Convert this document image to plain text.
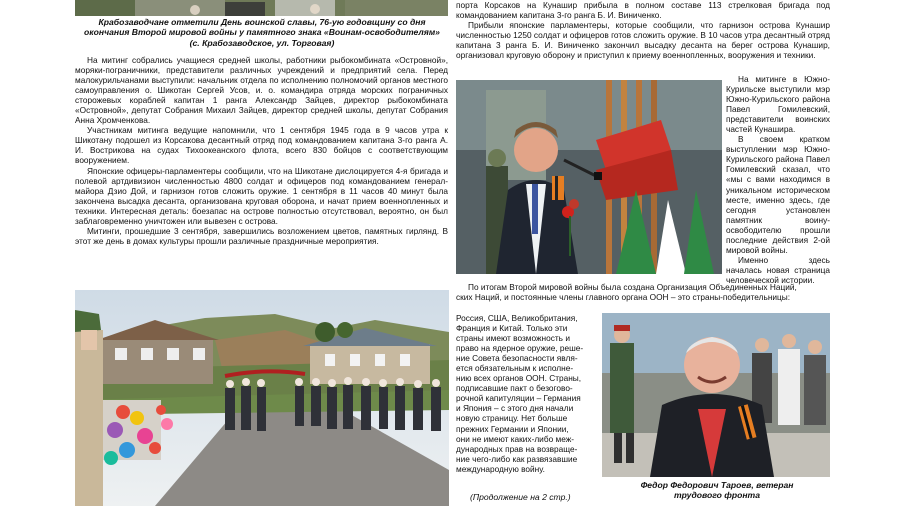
Крабозаводчане отметили День воинской славы, 76-ую годовщину со дня окончания Второй мировой войны у памятного знака «Воинам-освободителям» (с. Крабозаводское, ул. Торговая)

На митинг собрались учащиеся средней школы, работники рыбокомбината «Островной», моряки-пограничники, представители различных учреждений и предприятий села. Перед малокурильчанами выступили: начальник отдела по исполнению полномочий органов местного самоуправления о. Шикотан Сергей Усов, и. о. командира отряда морских пограничных сторожевых кораблей капитан 1 ранга Александр Зайцев, директор рыбокомбината «Островной», депутат Собрания Михаил Зайцев, директор средней школы, депутат Собрания Анна Хромченкова.

Участникам митинга ведущие напомнили, что 1 сентября 1945 года в 9 часов утра к Шикотану подошел из Корсакова десантный отряд под командованием капитана 3-го ранга А. И. Вострикова на судах Тихоокеанского флота, всего 830 бойцов с соответствующим вооружением.

Японские офицеры-парламентеры сообщили, что на Шикотане дислоцируется 4-я бригада и полевой артдивизион численностью 4800 солдат и офицеров под командованием генерал-майора Дзио Дой, и гарнизон готов сложить оружие. 1 сентября в 11 часов 40 минут была закончена высадка десанта, организована круговая оборона, и начат прием военнопленных и техники. Интересная деталь: боезапас на острове полностью отсутствовал, вероятно, он был заблаговременно уничтожен или вывезен с острова.

Митинги, прошедшие 3 сентября, завершились возложением цветов, памятных гирлянд. В этот же день в домах культуры прошли различные праздничные мероприятия.

порта Корсаков на Кунашир прибыла в полном составе 113 стрелковая бригада под командованием капитана 3-го ранга Б. И. Виниченко.

Прибыли японские парламентеры, которые сообщили, что гарнизон острова Кунашир численностью 1250 солдат и офицеров готов сложить оружие. В 10 часов утра десантный отряд капитана 3 ранга Б. И. Виниченко закончил высадку десанта на берег острова Кунашир, организовал круговую оборону и приступил к приему военнопленных, вооружения и техники.

На митинге в Южно-Курильске выступили мэр Южно-Курильского района Павел Гомилевский, представители воинских частей Кунашира.

В своем кратком выступлении мэр Южно-Курильского района Павел Гомилевский сказал, что «мы с вами находимся в уникальном историческом месте, именно здесь, где сегодня установлен памятник воину-освободителю прошли последние действия 2-ой мировой войны.

Именно здесь началась новая страница человеческой истории.

По итогам Второй мировой войны была создана Организация Объединенных Наций,

ских Наций, и постоянные члены главного органа ООН – это страны-победительницы:

Россия, США, Великобритания,

Франция и Китай. Только эти

страны имеют возможность и

право на ядерное оружие, реше-

ние Совета безопасности явля-

ется обязательным к исполне-

нию всех органов ООН. Страны,

подписавшие пакт о безогово-

рочной капитуляции – Германия

и Япония – с этого дня начали

новую страницу. Нет больше

прежних Германии и Японии,

они не имеют каких-либо меж-

дународных прав на возвраще-

ние чего-либо как развязавшие

международную войну.

(Продолжение на 2 стр.)

Федор Федорович Тароев, ветеран трудового фронта
